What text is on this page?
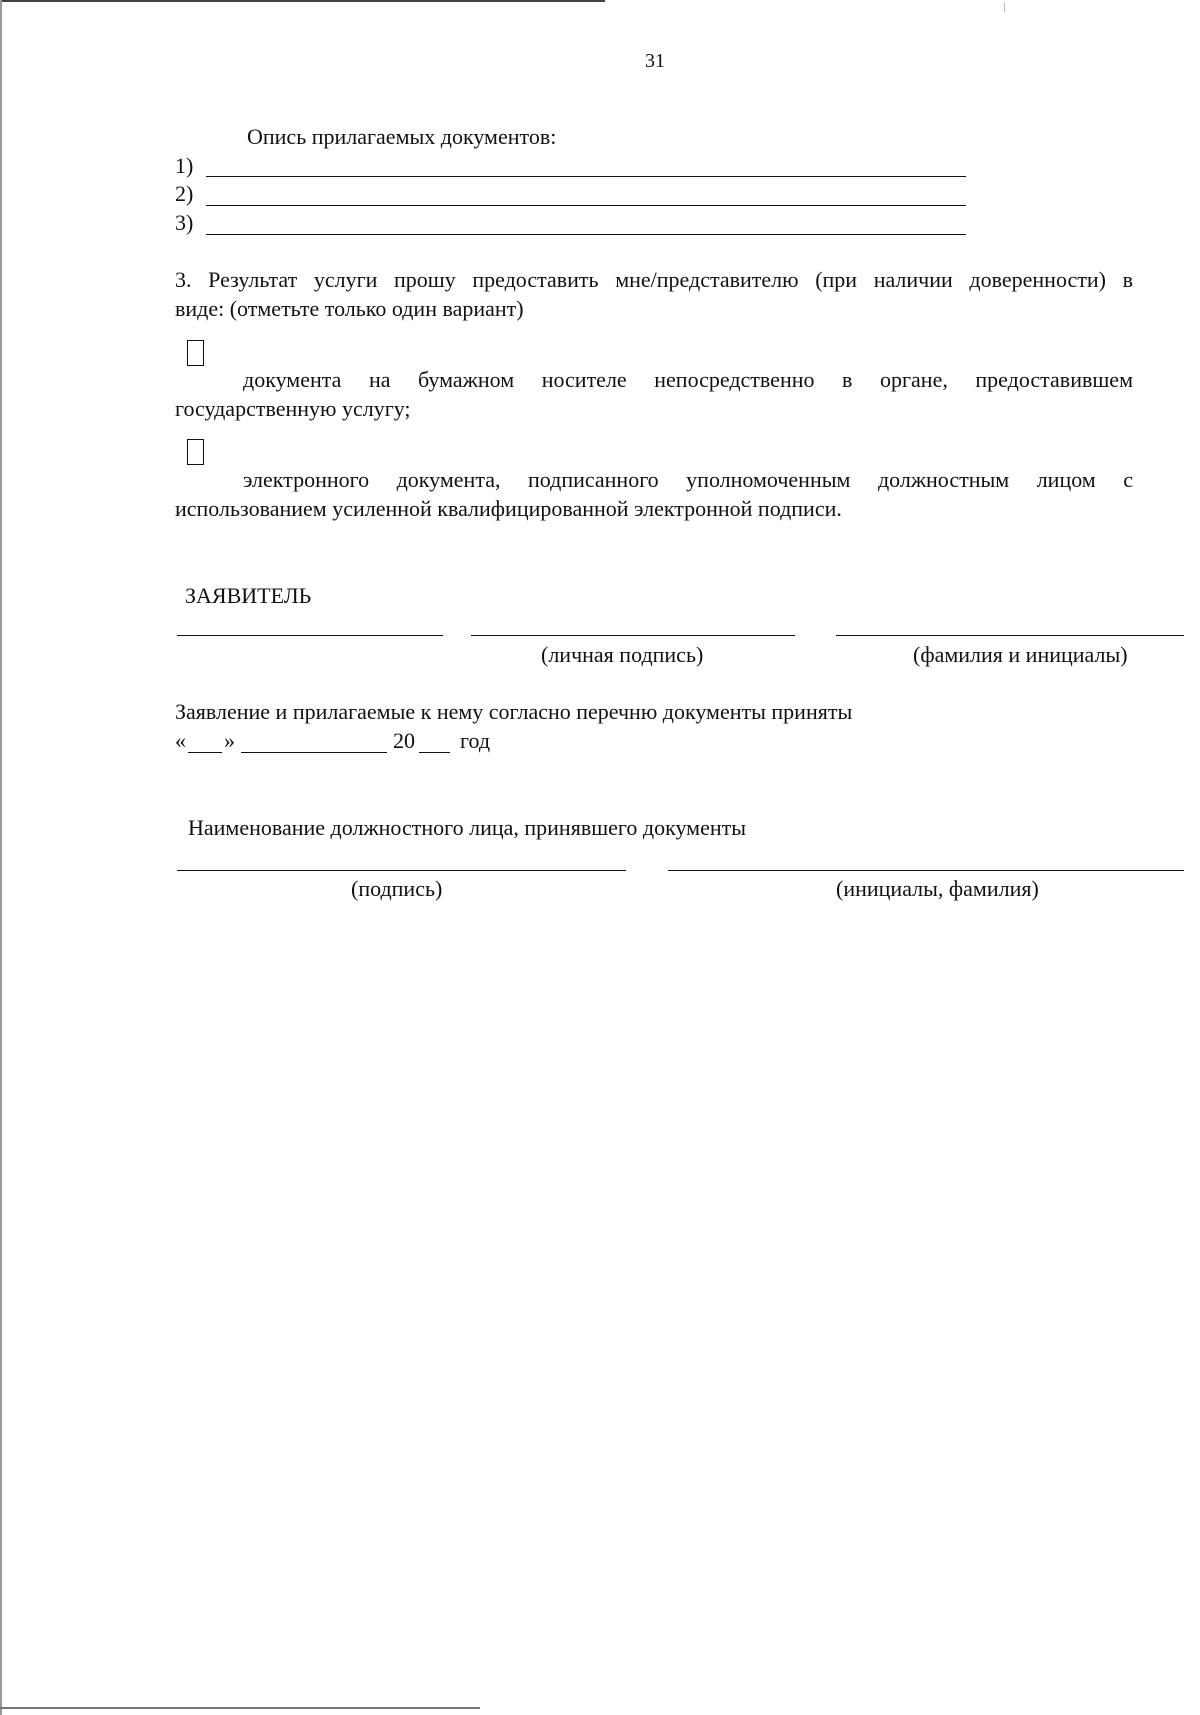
31
Опись прилагаемых документов:
1)
2)
3)
3. Результат услуги прошу предоставить мне/представителю (при наличии доверенности) в
виде: (отметьте только один вариант)
документа на бумажном носителе непосредственно в органе, предоставившем
государственную услугу;
электронного документа, подписанного уполномоченным должностным лицом с
использованием усиленной квалифицированной электронной подписи.
ЗАЯВИТЕЛЬ
(личная подпись)	(фамилия и инициалы)
Заявление и прилагаемые к нему согласно перечню документы приняты
« »	20 год
Наименование должностного лица, принявшего документы
(подпись)	(инициалы, фамилия)
